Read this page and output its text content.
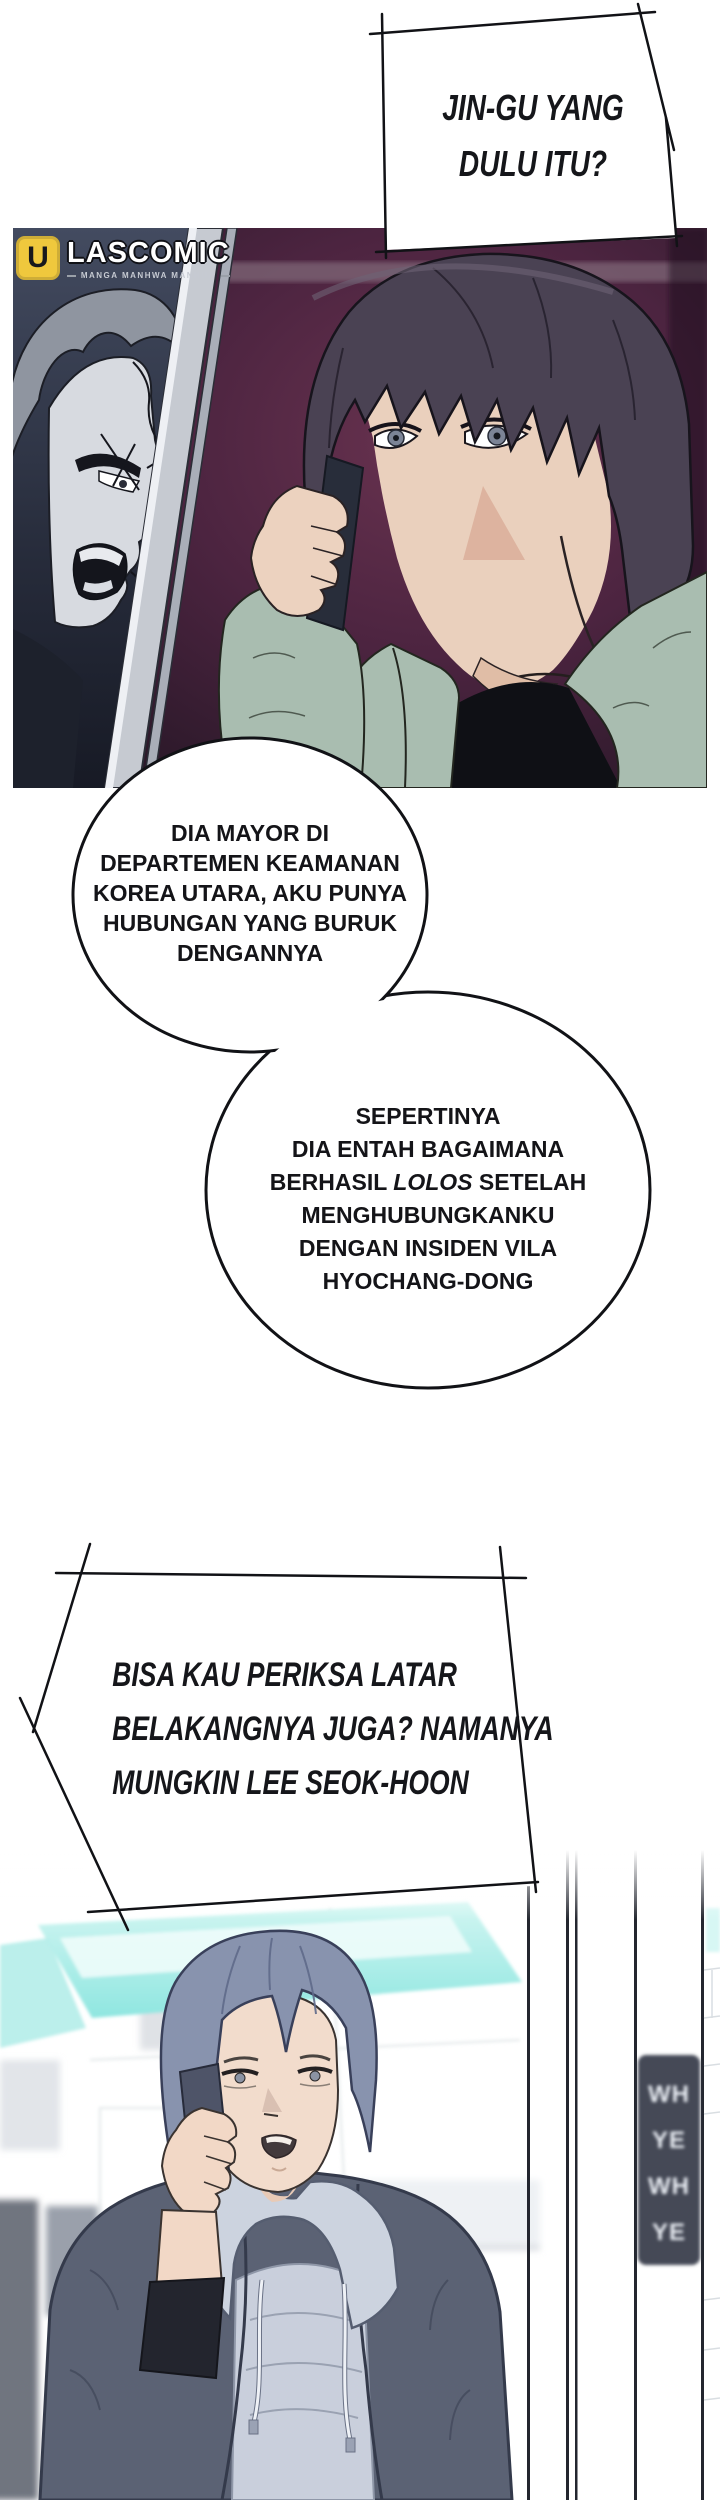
WH
YE
WH
YE
U LASCOMIC
MANGA MANHWA MANHUA
JIN-GU YANG
DULU ITU?
DIA MAYOR DI
DEPARTEMEN KEAMANAN
KOREA UTARA, AKU PUNYA
HUBUNGAN YANG BURUK
DENGANNYA
SEPERTINYA
DIA ENTAH BAGAIMANA
BERHASIL LOLOS SETELAH
MENGHUBUNGKANKU
DENGAN INSIDEN VILA
HYOCHANG-DONG
BISA KAU PERIKSA LATAR
BELAKANGNYA JUGA? NAMANYA
MUNGKIN LEE SEOK-HOON
